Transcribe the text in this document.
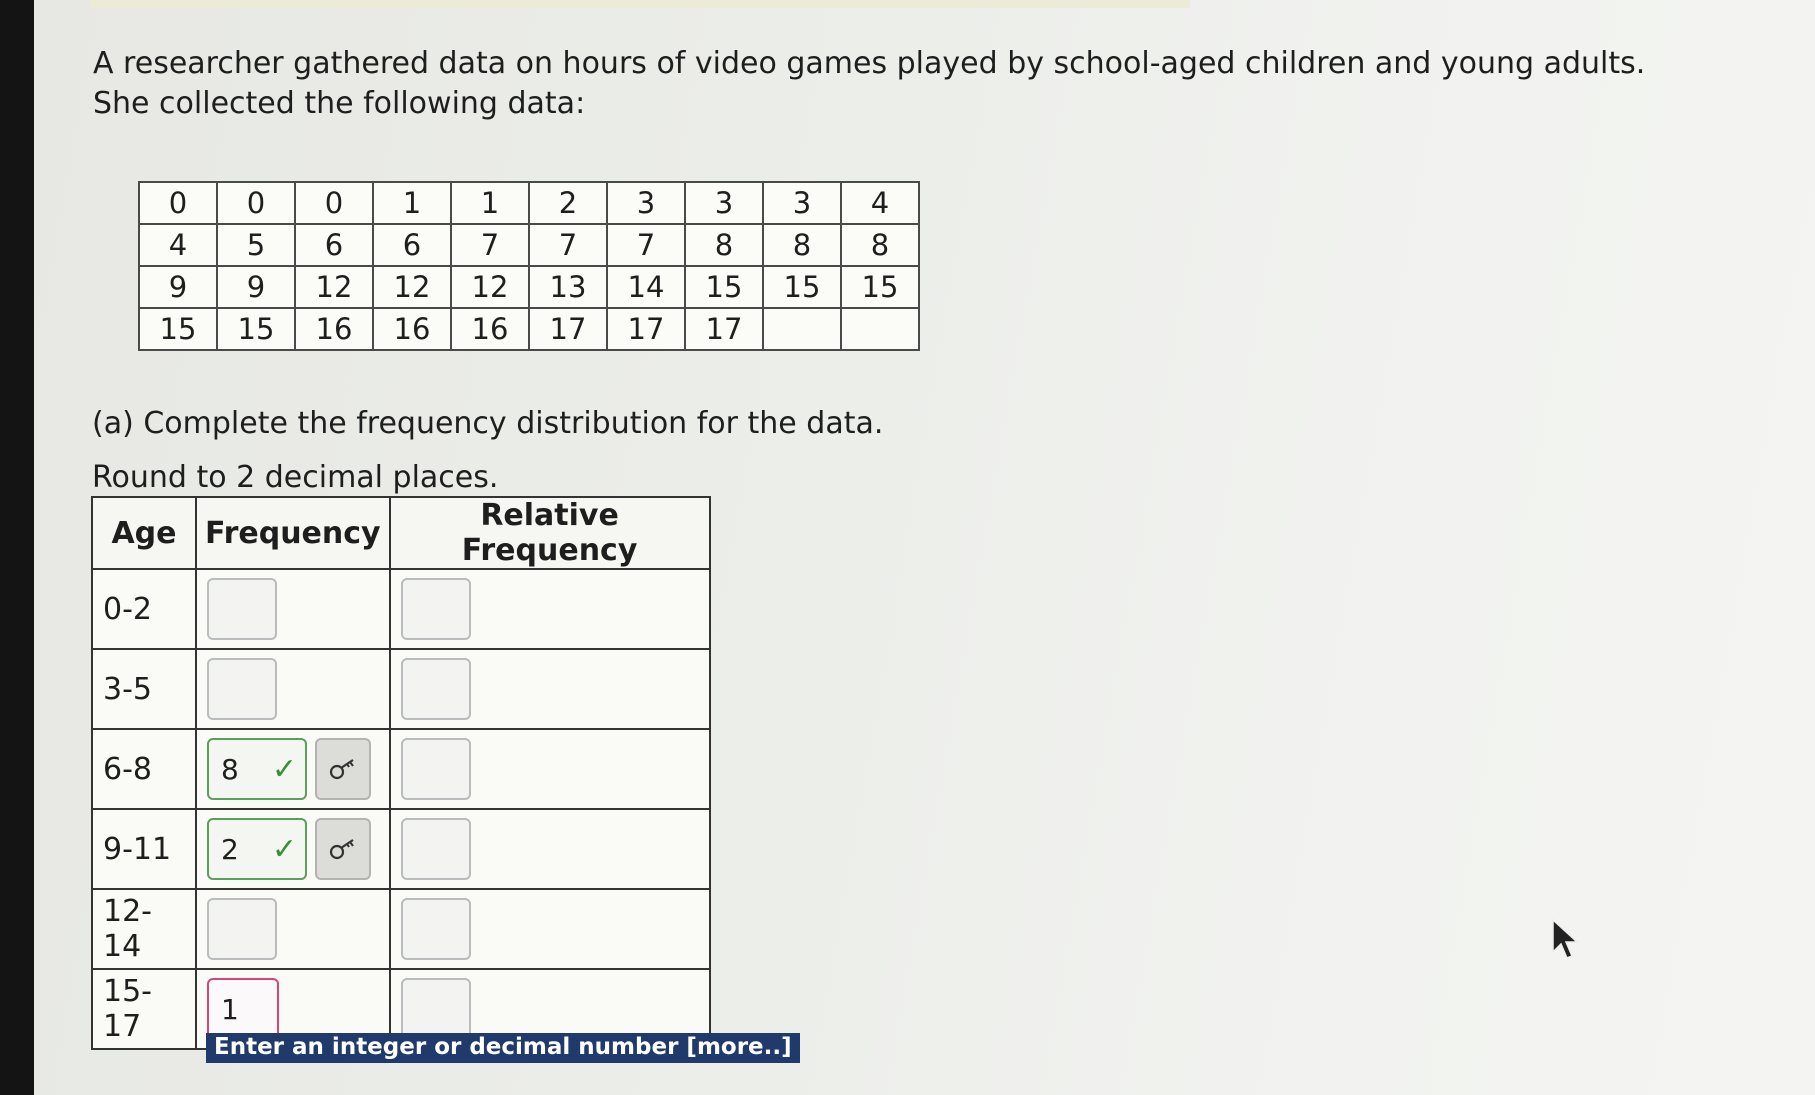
A researcher gathered data on hours of video games played by school-aged children and young adults. She collected the following data:

0	0	0	1	1	2	3	3	3	4
4	5	6	6	7	7	7	8	8	8
9	9	12	12	12	13	14	15	15	15
15	15	16	16	16	17	17	17		

(a) Complete the frequency distribution for the data.

Round to 2 decimal places.
Age	Frequency	Relative Frequency
0-2	

3-5	

6-8	8 ✓	

9-11	2 ✓	

12-14	

15-17	1	

Enter an integer or decimal number [more..]
